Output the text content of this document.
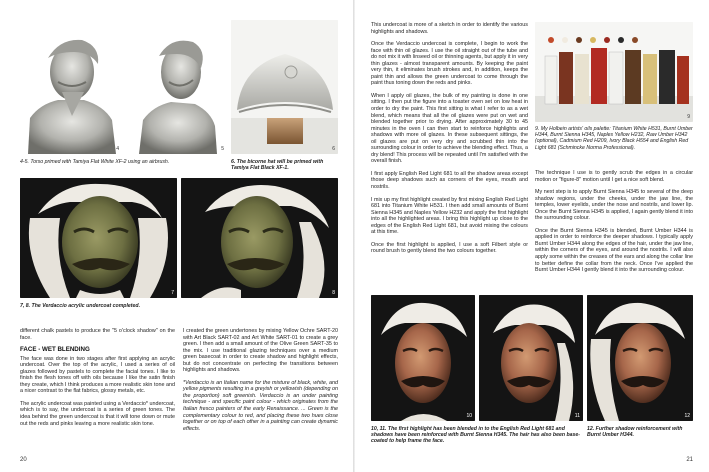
4	5	6

4-5. Torso primed with Tamiya Flat White XF-2 using an airbrush.	6. The bicorne hat will be primed with Tamiya Flat Black XF-1.

7	8

7, 8. The Verdaccio acrylic undercoat completed.

different chalk pastels to produce the "5 o'clock shadow" on the face.

FACE - WET BLENDING

The face was done in two stages after first applying an acrylic undercoat. Over the top of the acrylic, I used a series of oil glazes followed by pastels to complete the facial tones. I like to finish the flesh tones off with oils because I like the satin finish they create, which I think produces a more realistic skin tone and a nicer contrast to the flat fabrics, glossy metals, etc.

The acrylic undercoat was painted using a Verdaccio* undercoat, which is to say, the undercoat is a series of green tones. The idea behind the green undercoat is that it will tone down or mute out the reds and pinks leaving a more realistic skin tone.

I created the green undertones by mixing Yellow Ochre SART-20 with Art Black SART-02 and Art White SART-01 to create a grey green. I then add a small amount of the Olive Green SART-35 to the mix. I use traditional glazing techniques over a medium green basecoat in order to create shadow and highlight effects, but do not concentrate on perfecting the transitions between highlights and shadows.

*Verdaccio is an Italian name for the mixture of black, white, and yellow pigments resulting in a greyish or yellowish (depending on the proportion) soft greenish. Verdaccio is an under painting technique - and specific paint colour - which originates from the Italian fresco painters of the early Renaissance. ... Green is the complementary colour to red, and placing these two hues close together or on top of each other in a painting can create dynamic effects.

20

This undercoat is more of a sketch in order to identify the various highlights and shadows.

Once the Verdaccio undercoat is complete, I begin to work the face with thin oil glazes. I use the oil straight out of the tube and do not mix it with linseed oil or thinning agents, but apply it in very thin glazes - almost transparent amounts. By keeping the paint very thin, it eliminates brush strokes and, in addition, keeps the paint thin and allows the green undercoat to come through the paint thus toning down the reds and pinks.

When I apply oil glazes, the bulk of my painting is done in one sitting. I then put the figure into a toaster oven set on low heat in order to dry the paint. This first sitting is what I refer to as a wet blend, which means that all the oil glazes were put on wet and blended together prior to drying. After approximately 30 to 45 minutes in the oven I can then start to reinforce highlights and shadows with more oil glazes. In these subsequent sittings, the oil glazes are put on very dry and scrubbed thin into the surrounding colour in order to achieve the blending effect. Thus, a dry blend! This process will be repeated until I'm satisfied with the overall finish.

I first apply English Red Light 681 to all the shadow areas except those deep shadows such as corners of the eyes, mouth and nostrils.

I mix up my first highlight created by first mixing English Red Light 681 into Titanium White H531. I then add small amounts of Burnt Sienna H345 and Naples Yellow H232 and apply the first highlight into all the highlighted areas. I bring this highlight up close to the edges of the English Red Light 681, but avoid mixing the colours at this time.

Once the first highlight is applied, I use a soft Filbert style or round brush to gently blend the two colours together.

9

9. My Holbein artists' oils palette: Titanium White H531, Burnt Umber H344, Burnt Sienna H345, Naples Yellow H232, Raw Umber H342 (optional), Cadmium Red H209, Ivory Black H554 and English Red Light 681 (Schmincke Norma Professional).

The technique I use is to gently scrub the edges in a circular motion or "figure-8" motion until I get a nice soft blend.

My next step is to apply Burnt Sienna H345 to several of the deep shadow regions, under the cheeks, under the jaw line, the temples, lower eyelids, under the nose and nostrils, and lower lip. Once the Burnt Sienna H345 is applied, I again gently blend it into the surrounding colour.

Once the Burnt Sienna H345 is blended, Burnt Umber H344 is applied in order to reinforce the deeper shadows. I typically apply Burnt Umber H344 along the edges of the hair, under the jaw line, within the corners of the eyes, and around the nostrils. I will also apply some within the creases of the ears and along the collar line to better define the collar from the neck. Once I've applied the Burnt Umber H344 I gently blend it into the surrounding colour.

10	11	12

10, 11. The first highlight has been blended in to the English Red Light 681 and shadows have been reinforced with Burnt Sienna H345. The hair has also been base-coated to help frame the face.

12. Further shadow reinforcement with Burnt Umber H344.

21
